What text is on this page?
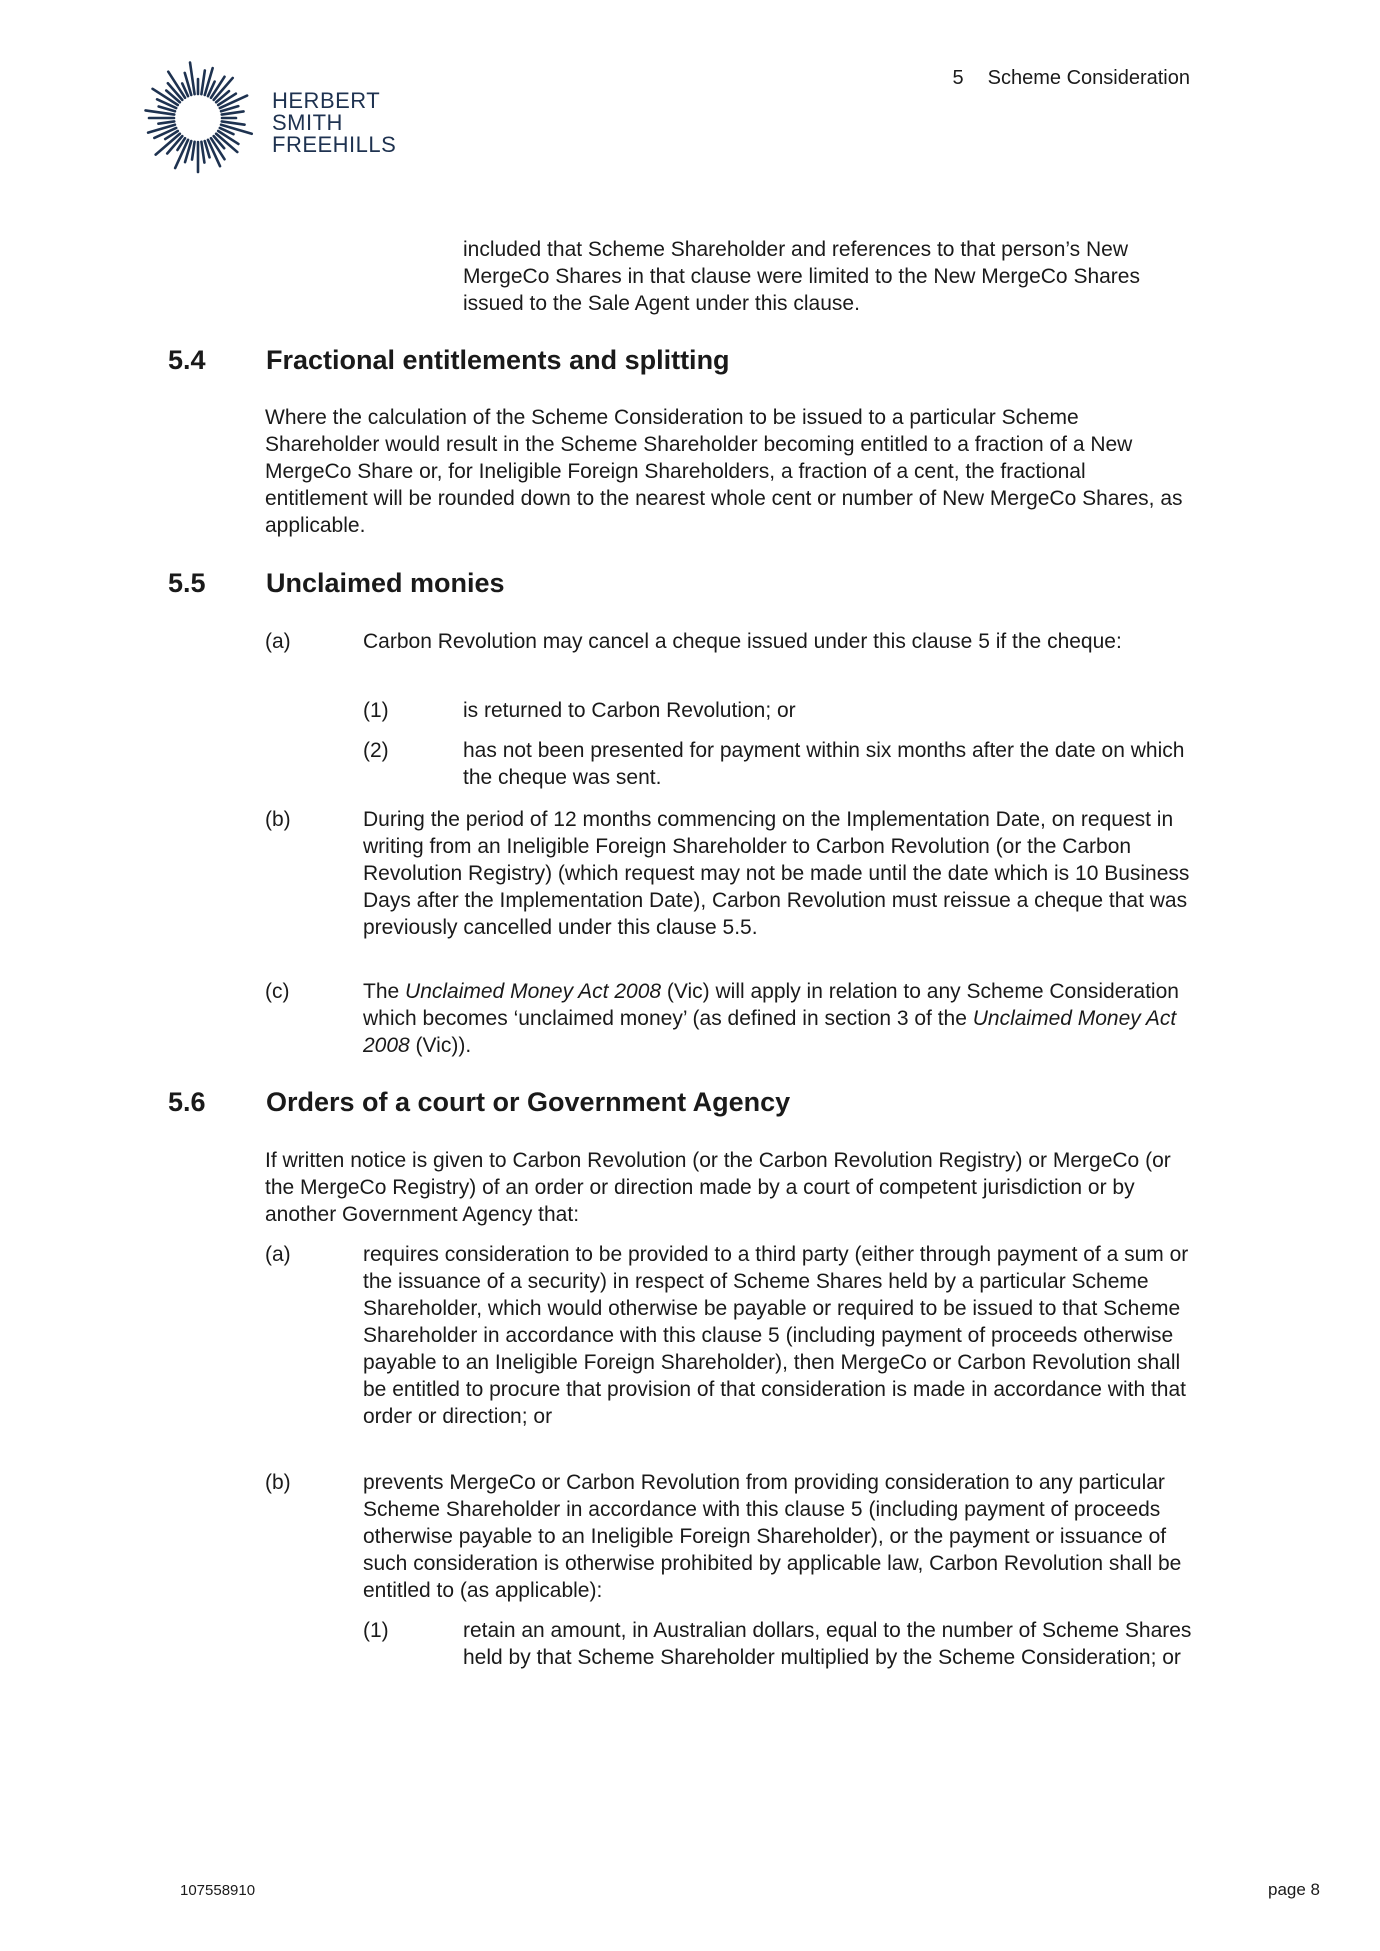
HERBERT
SMITH
FREEHILLS
5 Scheme Consideration
included that Scheme Shareholder and references to that person’s New MergeCo Shares in that clause were limited to the New MergeCo Shares issued to the Sale Agent under this clause.
5.4 Fractional entitlements and splitting
Where the calculation of the Scheme Consideration to be issued to a particular Scheme Shareholder would result in the Scheme Shareholder becoming entitled to a fraction of a New MergeCo Share or, for Ineligible Foreign Shareholders, a fraction of a cent, the fractional entitlement will be rounded down to the nearest whole cent or number of New MergeCo Shares, as applicable.
5.5 Unclaimed monies
(a)	Carbon Revolution may cancel a cheque issued under this clause 5 if the cheque:
(1)	is returned to Carbon Revolution; or
(2)	has not been presented for payment within six months after the date on which the cheque was sent.
(b)	During the period of 12 months commencing on the Implementation Date, on request in writing from an Ineligible Foreign Shareholder to Carbon Revolution (or the Carbon Revolution Registry) (which request may not be made until the date which is 10 Business Days after the Implementation Date), Carbon Revolution must reissue a cheque that was previously cancelled under this clause 5.5.
(c)	The Unclaimed Money Act 2008 (Vic) will apply in relation to any Scheme Consideration which becomes ‘unclaimed money’ (as defined in section 3 of the Unclaimed Money Act 2008 (Vic)).
5.6 Orders of a court or Government Agency
If written notice is given to Carbon Revolution (or the Carbon Revolution Registry) or MergeCo (or the MergeCo Registry) of an order or direction made by a court of competent jurisdiction or by another Government Agency that:
(a)	requires consideration to be provided to a third party (either through payment of a sum or the issuance of a security) in respect of Scheme Shares held by a particular Scheme Shareholder, which would otherwise be payable or required to be issued to that Scheme Shareholder in accordance with this clause 5 (including payment of proceeds otherwise payable to an Ineligible Foreign Shareholder), then MergeCo or Carbon Revolution shall be entitled to procure that provision of that consideration is made in accordance with that order or direction; or
(b)	prevents MergeCo or Carbon Revolution from providing consideration to any particular Scheme Shareholder in accordance with this clause 5 (including payment of proceeds otherwise payable to an Ineligible Foreign Shareholder), or the payment or issuance of such consideration is otherwise prohibited by applicable law, Carbon Revolution shall be entitled to (as applicable):
(1)	retain an amount, in Australian dollars, equal to the number of Scheme Shares held by that Scheme Shareholder multiplied by the Scheme Consideration; or
107558910	page 8
